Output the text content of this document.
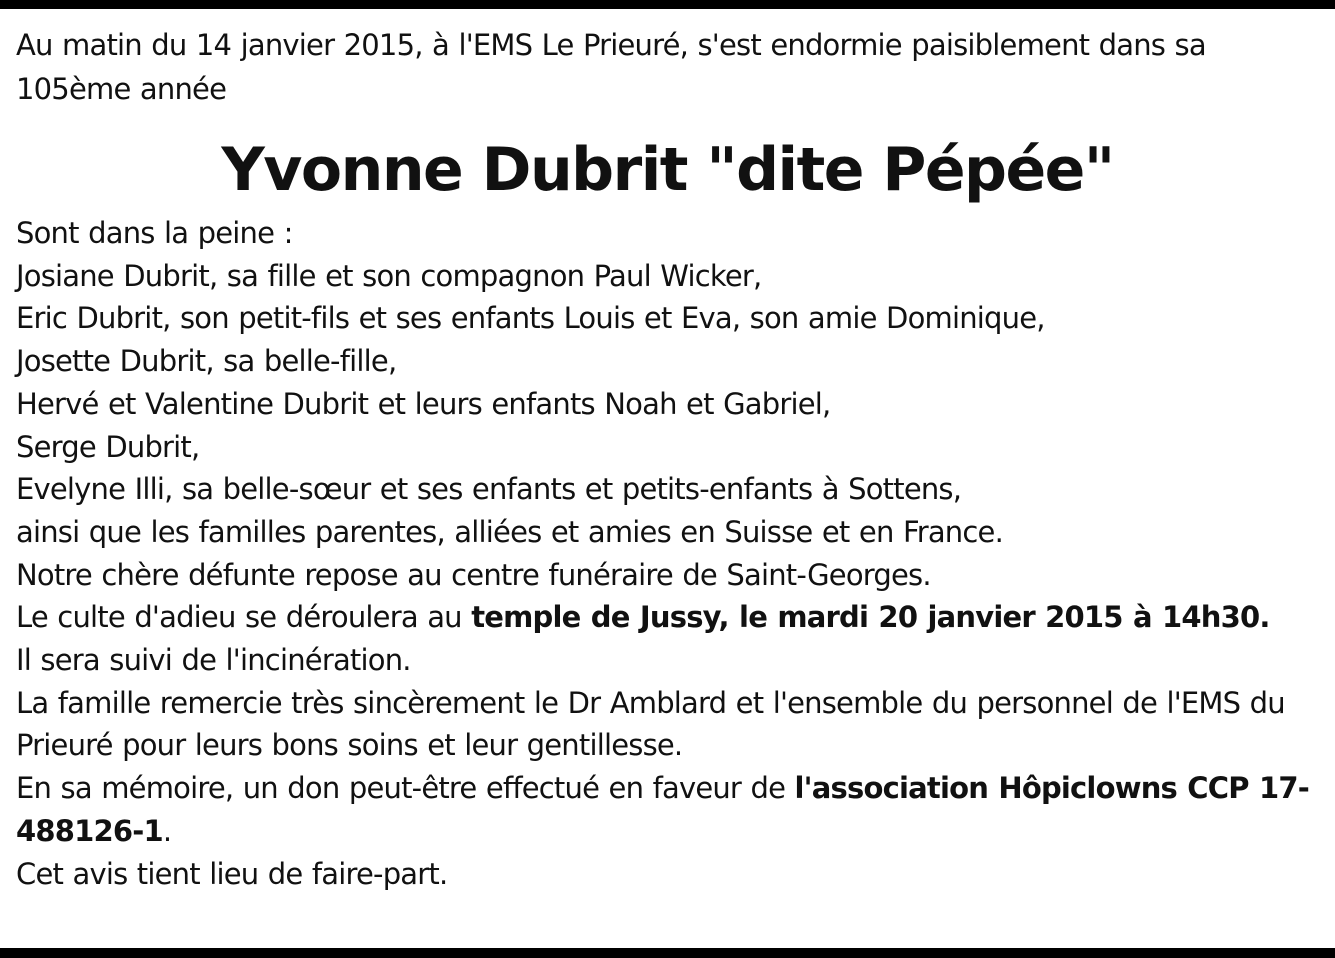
Au matin du 14 janvier 2015, à l'EMS Le Prieuré, s'est endormie paisiblement dans sa 105ème année
Yvonne Dubrit "dite Pépée"
Sont dans la peine :
Josiane Dubrit, sa fille et son compagnon Paul Wicker,
Eric Dubrit, son petit-fils et ses enfants Louis et Eva, son amie Dominique,
Josette Dubrit, sa belle-fille,
Hervé et Valentine Dubrit et leurs enfants Noah et Gabriel,
Serge Dubrit,
Evelyne Illi, sa belle-sœur et ses enfants et petits-enfants à Sottens,
ainsi que les familles parentes, alliées et amies en Suisse et en France.
Notre chère défunte repose au centre funéraire de Saint-Georges.
Le culte d'adieu se déroulera au temple de Jussy, le mardi 20 janvier 2015 à 14h30.
Il sera suivi de l'incinération.
La famille remercie très sincèrement le Dr Amblard et l'ensemble du personnel de l'EMS du Prieuré pour leurs bons soins et leur gentillesse.
En sa mémoire, un don peut-être effectué en faveur de l'association Hôpiclowns CCP 17-488126-1.
Cet avis tient lieu de faire-part.
